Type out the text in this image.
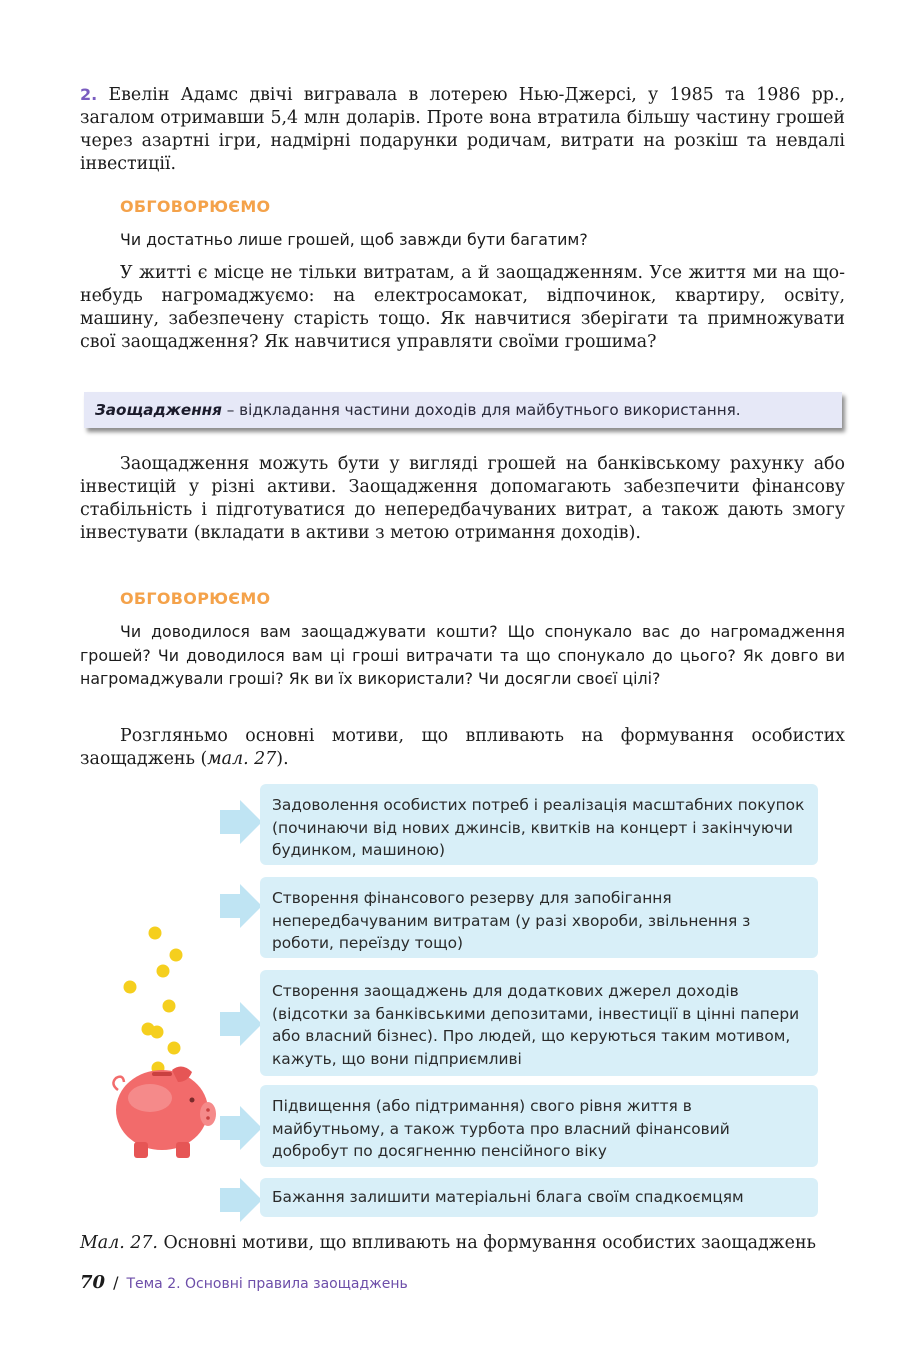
2. Евелін Адамс двічі вигравала в лотерею Нью-Джерсі, у 1985 та 1986 рр., загалом отримавши 5,4 млн доларів. Проте вона втратила більшу частину грошей через азартні ігри, надмірні подарунки родичам, витрати на розкіш та невдалі інвестиції.
ОБГОВОРЮЄМО
Чи достатньо лише грошей, щоб завжди бути багатим?
У житті є місце не тільки витратам, а й заощадженням. Усе життя ми на що-небудь нагромаджуємо: на електросамокат, відпочинок, квартиру, освіту, машину, забезпечену старість тощо. Як навчитися зберігати та примножувати свої заощадження? Як навчитися управляти своїми грошима?
Заощадження – відкладання частини доходів для майбутнього використання.
Заощадження можуть бути у вигляді грошей на банківському рахунку або інвестицій у різні активи. Заощадження допомагають забезпечити фінансову стабільність і підготуватися до непередбачуваних витрат, а також дають змогу інвестувати (вкладати в активи з метою отримання доходів).
ОБГОВОРЮЄМО
Чи доводилося вам заощаджувати кошти? Що спонукало вас до нагромадження грошей? Чи доводилося вам ці гроші витрачати та що спонукало до цього? Як довго ви нагромаджували гроші? Як ви їх використали? Чи досягли своєї цілі?
Розгляньмо основні мотиви, що впливають на формування особистих заощаджень (мал. 27).
Задоволення особистих потреб і реалізація масштабних покупок (починаючи від нових джинсів, квитків на концерт і закінчуючи будинком, машиною)
Створення фінансового резерву для запобігання непередбачуваним витратам (у разі хвороби, звільнення з роботи, переїзду тощо)
Створення заощаджень для додаткових джерел доходів (відсотки за банківськими депозитами, інвестиції в цінні папери або власний бізнес). Про людей, що керуються таким мотивом, кажуть, що вони підприємливі
Підвищення (або підтримання) свого рівня життя в майбутньому, а також турбота про власний фінансовий добробут по досягненню пенсійного віку
Бажання залишити матеріальні блага своїм спадкоємцям
Мал. 27. Основні мотиви, що впливають на формування особистих заощаджень
70 / Тема 2. Основні правила заощаджень
